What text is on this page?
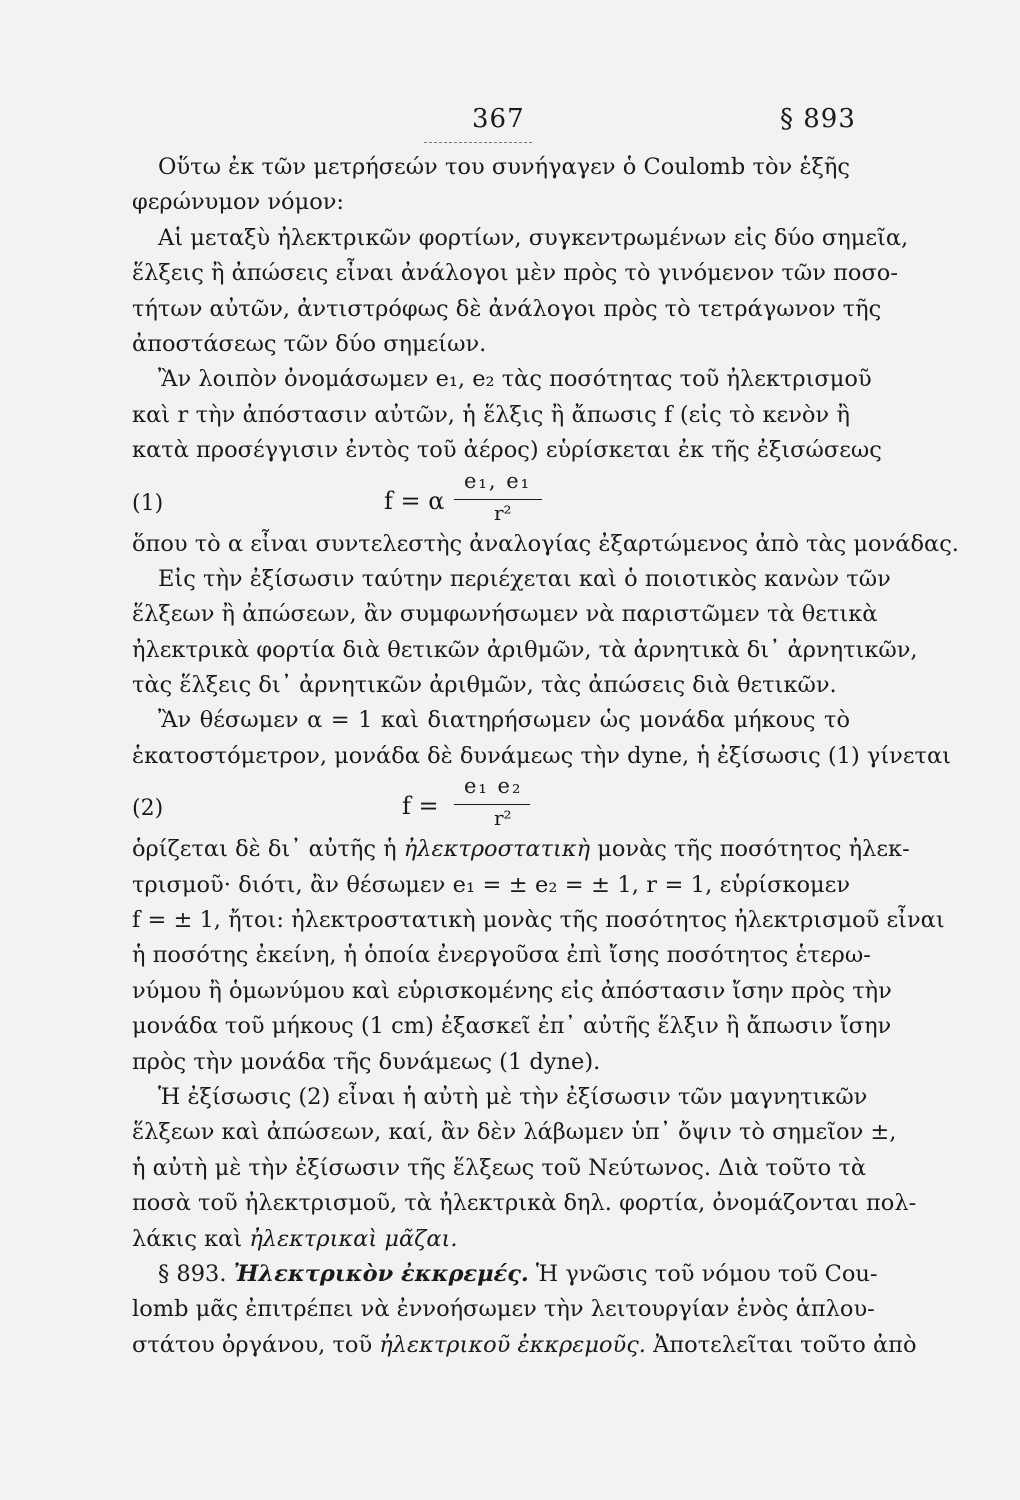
367	§ 893
Οὕτω ἐκ τῶν μετρήσεών του συνήγαγεν ὁ Coulomb τὸν ἑξῆς
φερώνυμον νόμον:
Αἱ μεταξὺ ἠλεκτρικῶν φορτίων, συγκεντρωμένων εἰς δύο σημεῖα,
ἕλξεις ἢ ἀπώσεις εἶναι ἀνάλογοι μὲν πρὸς τὸ γινόμενον τῶν ποσο-
τήτων αὐτῶν, ἀντιστρόφως δὲ ἀνάλογοι πρὸς τὸ τετράγωνον τῆς
ἀποστάσεως τῶν δύο σημείων.
Ἂν λοιπὸν ὀνομάσωμεν e₁, e₂ τὰς ποσότητας τοῦ ἠλεκτρισμοῦ
καὶ r τὴν ἀπόστασιν αὐτῶν, ἡ ἕλξις ἢ ἄπωσις f (εἰς τὸ κενὸν ἢ
κατὰ προσέγγισιν ἐντὸς τοῦ ἀέρος) εὑρίσκεται ἐκ τῆς ἐξισώσεως
(1)	f = α
e₁, e₁
r²
ὅπου τὸ α εἶναι συντελεστὴς ἀναλογίας ἐξαρτώμενος ἀπὸ τὰς μονάδας.
Εἰς τὴν ἐξίσωσιν ταύτην περιέχεται καὶ ὁ ποιοτικὸς κανὼν τῶν
ἕλξεων ἢ ἀπώσεων, ἂν συμφωνήσωμεν νὰ παριστῶμεν τὰ θετικὰ
ἠλεκτρικὰ φορτία διὰ θετικῶν ἀριθμῶν, τὰ ἀρνητικὰ δι᾽ ἀρνητικῶν,
τὰς ἕλξεις δι᾽ ἀρνητικῶν ἀριθμῶν, τὰς ἀπώσεις διὰ θετικῶν.
Ἂν θέσωμεν α = 1 καὶ διατηρήσωμεν ὡς μονάδα μήκους τὸ
ἑκατοστόμετρον, μονάδα δὲ δυνάμεως τὴν dyne, ἡ ἐξίσωσις (1) γίνεται
(2)	f =
e₁ e₂
r²
ὁρίζεται δὲ δι᾽ αὐτῆς ἡ ἠλεκτροστατικὴ μονὰς τῆς ποσότητος ἠλεκ-
τρισμοῦ· διότι, ἂν θέσωμεν e₁ = ± e₂ = ± 1, r = 1, εὑρίσκομεν
f = ± 1, ἤτοι: ἠλεκτροστατικὴ μονὰς τῆς ποσότητος ἠλεκτρισμοῦ εἶναι
ἡ ποσότης ἐκείνη, ἡ ὁποία ἐνεργοῦσα ἐπὶ ἴσης ποσότητος ἑτερω-
νύμου ἢ ὁμωνύμου καὶ εὑρισκομένης εἰς ἀπόστασιν ἴσην πρὸς τὴν
μονάδα τοῦ μήκους (1 cm) ἐξασκεῖ ἐπ᾽ αὐτῆς ἕλξιν ἢ ἄπωσιν ἴσην
πρὸς τὴν μονάδα τῆς δυνάμεως (1 dyne).
Ἡ ἐξίσωσις (2) εἶναι ἡ αὐτὴ μὲ τὴν ἐξίσωσιν τῶν μαγνητικῶν
ἕλξεων καὶ ἀπώσεων, καί, ἂν δὲν λάβωμεν ὑπ᾽ ὄψιν τὸ σημεῖον ±,
ἡ αὐτὴ μὲ τὴν ἐξίσωσιν τῆς ἕλξεως τοῦ Νεύτωνος. Διὰ τοῦτο τὰ
ποσὰ τοῦ ἠλεκτρισμοῦ, τὰ ἠλεκτρικὰ δηλ. φορτία, ὀνομάζονται πολ-
λάκις καὶ ἠλεκτρικαὶ μᾶζαι.
§ 893. Ἠλεκτρικὸν ἐκκρεμές. Ἡ γνῶσις τοῦ νόμου τοῦ Cou-
lomb μᾶς ἐπιτρέπει νὰ ἐννοήσωμεν τὴν λειτουργίαν ἑνὸς ἁπλου-
στάτου ὀργάνου, τοῦ ἠλεκτρικοῦ ἐκκρεμοῦς. Ἀποτελεῖται τοῦτο ἀπὸ
